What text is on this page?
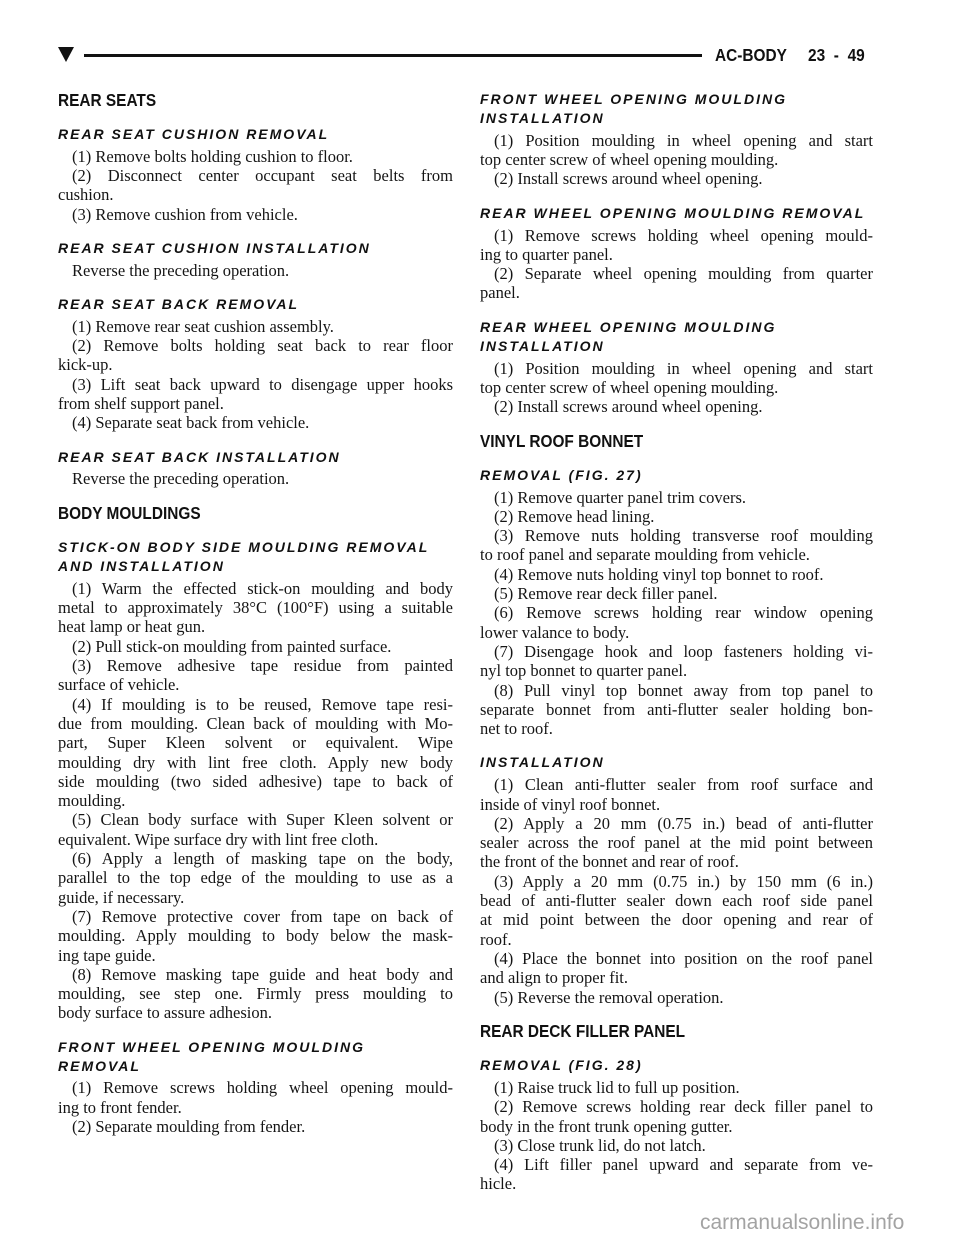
AC-BODY 23 - 49
REAR SEATS
REAR SEAT CUSHION REMOVAL
(1) Remove bolts holding cushion to floor.
(2) Disconnect center occupant seat belts from
cushion.
(3) Remove cushion from vehicle.
REAR SEAT CUSHION INSTALLATION
Reverse the preceding operation.
REAR SEAT BACK REMOVAL
(1) Remove rear seat cushion assembly.
(2) Remove bolts holding seat back to rear floor
kick-up.
(3) Lift seat back upward to disengage upper hooks
from shelf support panel.
(4) Separate seat back from vehicle.
REAR SEAT BACK INSTALLATION
Reverse the preceding operation.
BODY MOULDINGS
STICK-ON BODY SIDE MOULDING REMOVAL
AND INSTALLATION
(1) Warm the effected stick-on moulding and body
metal to approximately 38°C (100°F) using a suitable
heat lamp or heat gun.
(2) Pull stick-on moulding from painted surface.
(3) Remove adhesive tape residue from painted
surface of vehicle.
(4) If moulding is to be reused, Remove tape resi-
due from moulding. Clean back of moulding with Mo-
part, Super Kleen solvent or equivalent. Wipe
moulding dry with lint free cloth. Apply new body
side moulding (two sided adhesive) tape to back of
moulding.
(5) Clean body surface with Super Kleen solvent or
equivalent. Wipe surface dry with lint free cloth.
(6) Apply a length of masking tape on the body,
parallel to the top edge of the moulding to use as a
guide, if necessary.
(7) Remove protective cover from tape on back of
moulding. Apply moulding to body below the mask-
ing tape guide.
(8) Remove masking tape guide and heat body and
moulding, see step one. Firmly press moulding to
body surface to assure adhesion.
FRONT WHEEL OPENING MOULDING
REMOVAL
(1) Remove screws holding wheel opening mould-
ing to front fender.
(2) Separate moulding from fender.
FRONT WHEEL OPENING MOULDING
INSTALLATION
(1) Position moulding in wheel opening and start
top center screw of wheel opening moulding.
(2) Install screws around wheel opening.
REAR WHEEL OPENING MOULDING REMOVAL
(1) Remove screws holding wheel opening mould-
ing to quarter panel.
(2) Separate wheel opening moulding from quarter
panel.
REAR WHEEL OPENING MOULDING
INSTALLATION
(1) Position moulding in wheel opening and start
top center screw of wheel opening moulding.
(2) Install screws around wheel opening.
VINYL ROOF BONNET
REMOVAL (FIG. 27)
(1) Remove quarter panel trim covers.
(2) Remove head lining.
(3) Remove nuts holding transverse roof moulding
to roof panel and separate moulding from vehicle.
(4) Remove nuts holding vinyl top bonnet to roof.
(5) Remove rear deck filler panel.
(6) Remove screws holding rear window opening
lower valance to body.
(7) Disengage hook and loop fasteners holding vi-
nyl top bonnet to quarter panel.
(8) Pull vinyl top bonnet away from top panel to
separate bonnet from anti-flutter sealer holding bon-
net to roof.
INSTALLATION
(1) Clean anti-flutter sealer from roof surface and
inside of vinyl roof bonnet.
(2) Apply a 20 mm (0.75 in.) bead of anti-flutter
sealer across the roof panel at the mid point between
the front of the bonnet and rear of roof.
(3) Apply a 20 mm (0.75 in.) by 150 mm (6 in.)
bead of anti-flutter sealer down each roof side panel
at mid point between the door opening and rear of
roof.
(4) Place the bonnet into position on the roof panel
and align to proper fit.
(5) Reverse the removal operation.
REAR DECK FILLER PANEL
REMOVAL (FIG. 28)
(1) Raise truck lid to full up position.
(2) Remove screws holding rear deck filler panel to
body in the front trunk opening gutter.
(3) Close trunk lid, do not latch.
(4) Lift filler panel upward and separate from ve-
hicle.
carmanualsonline.info
